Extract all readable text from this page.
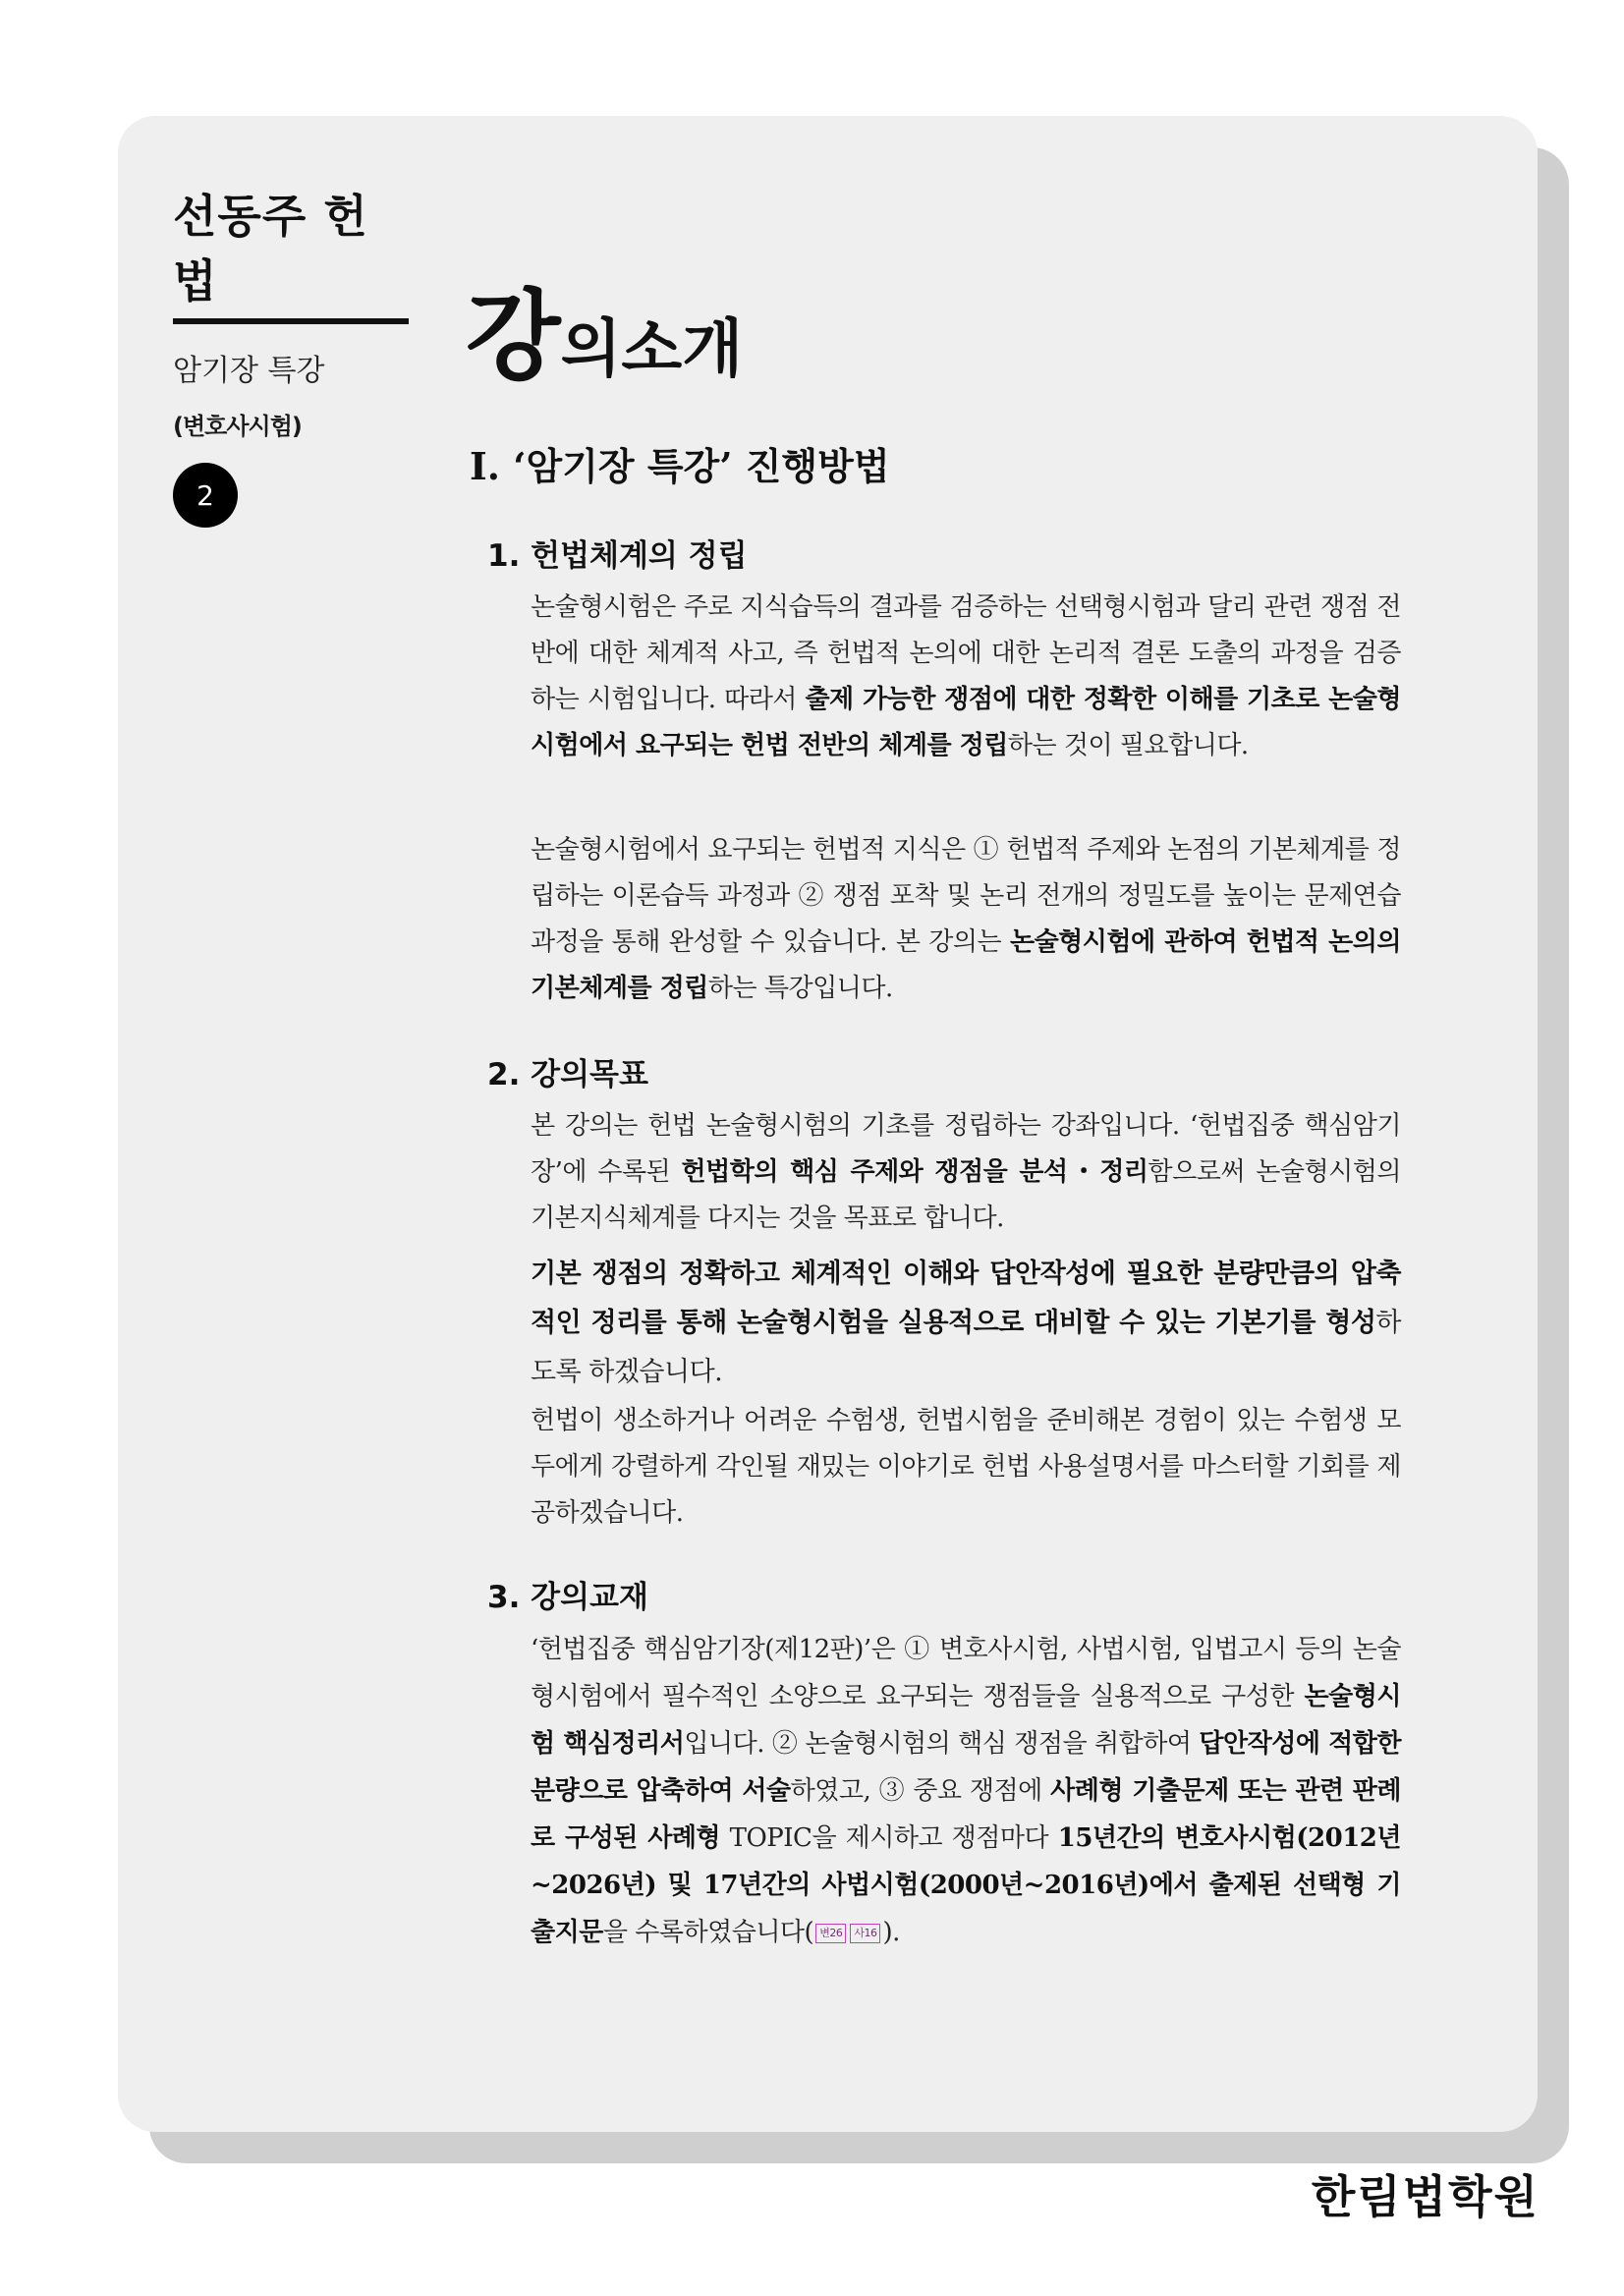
선동주 헌법
암기장 특강
(변호사시험)
2
강의소개
Ⅰ. ‘암기장 특강’ 진행방법
1. 헌법체계의 정립
논술형시험은 주로 지식습득의 결과를 검증하는 선택형시험과 달리 관련 쟁점 전반에 대한 체계적 사고, 즉 헌법적 논의에 대한 논리적 결론 도출의 과정을 검증하는 시험입니다. 따라서 출제 가능한 쟁점에 대한 정확한 이해를 기초로 논술형시험에서 요구되는 헌법 전반의 체계를 정립하는 것이 필요합니다.
논술형시험에서 요구되는 헌법적 지식은 ① 헌법적 주제와 논점의 기본체계를 정립하는 이론습득 과정과 ② 쟁점 포착 및 논리 전개의 정밀도를 높이는 문제연습 과정을 통해 완성할 수 있습니다. 본 강의는 논술형시험에 관하여 헌법적 논의의 기본체계를 정립하는 특강입니다.
2. 강의목표
본 강의는 헌법 논술형시험의 기초를 정립하는 강좌입니다. ‘헌법집중 핵심암기장’에 수록된 헌법학의 핵심 주제와 쟁점을 분석・정리함으로써 논술형시험의 기본지식체계를 다지는 것을 목표로 합니다.
기본 쟁점의 정확하고 체계적인 이해와 답안작성에 필요한 분량만큼의 압축적인 정리를 통해 논술형시험을 실용적으로 대비할 수 있는 기본기를 형성하도록 하겠습니다.
헌법이 생소하거나 어려운 수험생, 헌법시험을 준비해본 경험이 있는 수험생 모두에게 강렬하게 각인될 재밌는 이야기로 헌법 사용설명서를 마스터할 기회를 제공하겠습니다.
3. 강의교재
‘헌법집중 핵심암기장(제12판)’은 ① 변호사시험, 사법시험, 입법고시 등의 논술형시험에서 필수적인 소양으로 요구되는 쟁점들을 실용적으로 구성한 논술형시험 핵심정리서입니다. ② 논술형시험의 핵심 쟁점을 취합하여 답안작성에 적합한 분량으로 압축하여 서술하였고, ③ 중요 쟁점에 사례형 기출문제 또는 관련 판례로 구성된 사례형 TOPIC을 제시하고 쟁점마다 15년간의 변호사시험(2012년~2026년) 및 17년간의 사법시험(2000년~2016년)에서 출제된 선택형 기출지문을 수록하였습니다( 변26 사16 ).
한림법학원
